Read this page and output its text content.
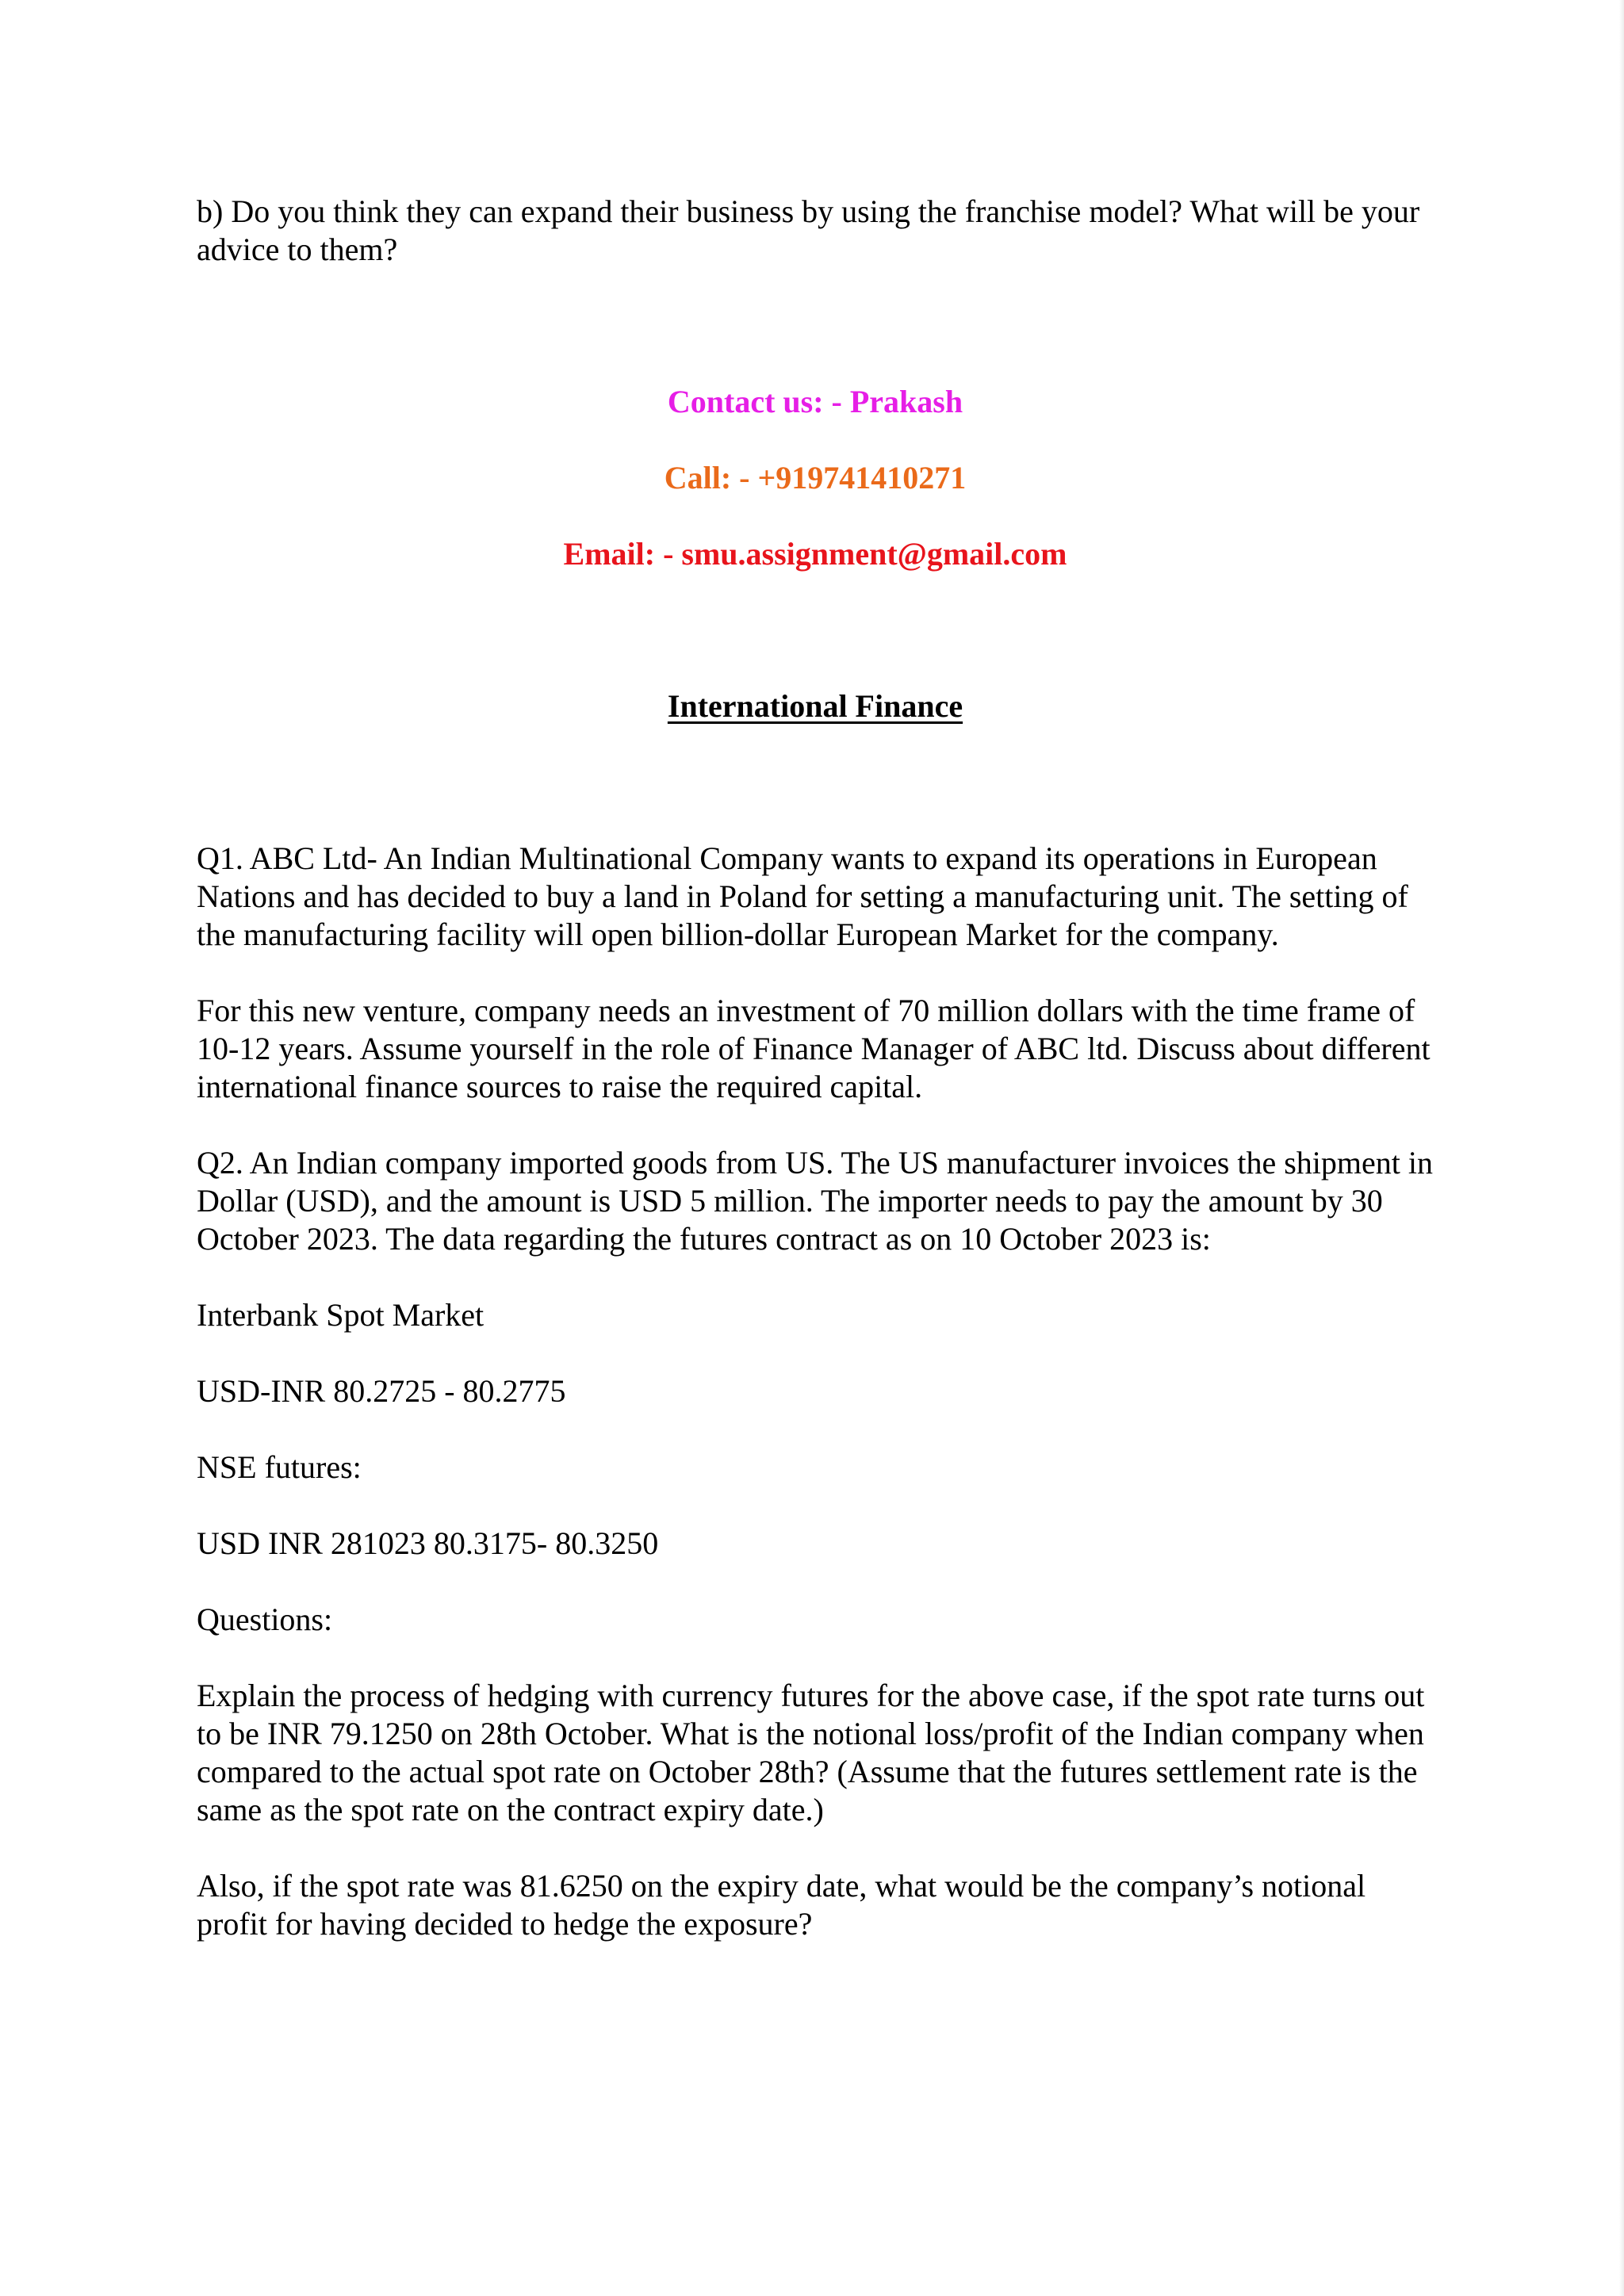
b) Do you think they can expand their business by using the franchise model? What will be your advice to them?

Contact us: - Prakash

Call: - +919741410271

Email: - smu.assignment@gmail.com

International Finance

Q1. ABC Ltd- An Indian Multinational Company wants to expand its operations in European Nations and has decided to buy a land in Poland for setting a manufacturing unit. The setting of the manufacturing facility will open billion-dollar European Market for the company.

For this new venture, company needs an investment of 70 million dollars with the time frame of 10-12 years. Assume yourself in the role of Finance Manager of ABC ltd. Discuss about different international finance sources to raise the required capital.

Q2. An Indian company imported goods from US. The US manufacturer invoices the shipment in Dollar (USD), and the amount is USD 5 million. The importer needs to pay the amount by 30 October 2023. The data regarding the futures contract as on 10 October 2023 is:

Interbank Spot Market

USD-INR 80.2725 - 80.2775

NSE futures:

USD INR 281023 80.3175- 80.3250

Questions:

Explain the process of hedging with currency futures for the above case, if the spot rate turns out to be INR 79.1250 on 28th October. What is the notional loss/profit of the Indian company when compared to the actual spot rate on October 28th? (Assume that the futures settlement rate is the same as the spot rate on the contract expiry date.)

Also, if the spot rate was 81.6250 on the expiry date, what would be the company’s notional profit for having decided to hedge the exposure?
